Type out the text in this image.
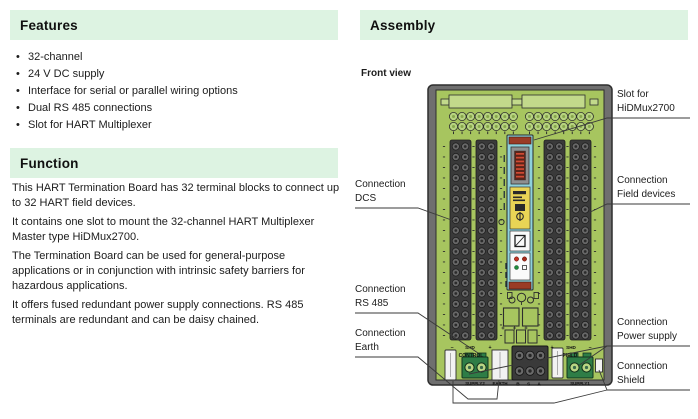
Features
• 32-channel
• 24 V DC supply
• Interface for serial or parallel wiring options
• Dual RS 485 connections
• Slot for HART Multiplexer
Function

This HART Termination Board has 32 terminal blocks to connect up to 32 HART field devices.

It contains one slot to mount the 32-channel HART Multiplexer Master type HiDMux2700.

The Termination Board can be used for general-purpose applications or in conjunction with intrinsic safety barriers for hazardous applications.

It offers fused redundant power supply connections. RS 485 terminals are redundant and can be daisy chained.

Assembly
Front view
−	SHD	+
CONTROL
+	SHD −
FIELD
SUPPLY2 EARTH B S A	SUPPLY1
Slot for
HiDMux2700
Connection
Field devices
Connection
Power supply
Connection
Shield
Connection
DCS
Connection
RS 485
Connection
Earth
